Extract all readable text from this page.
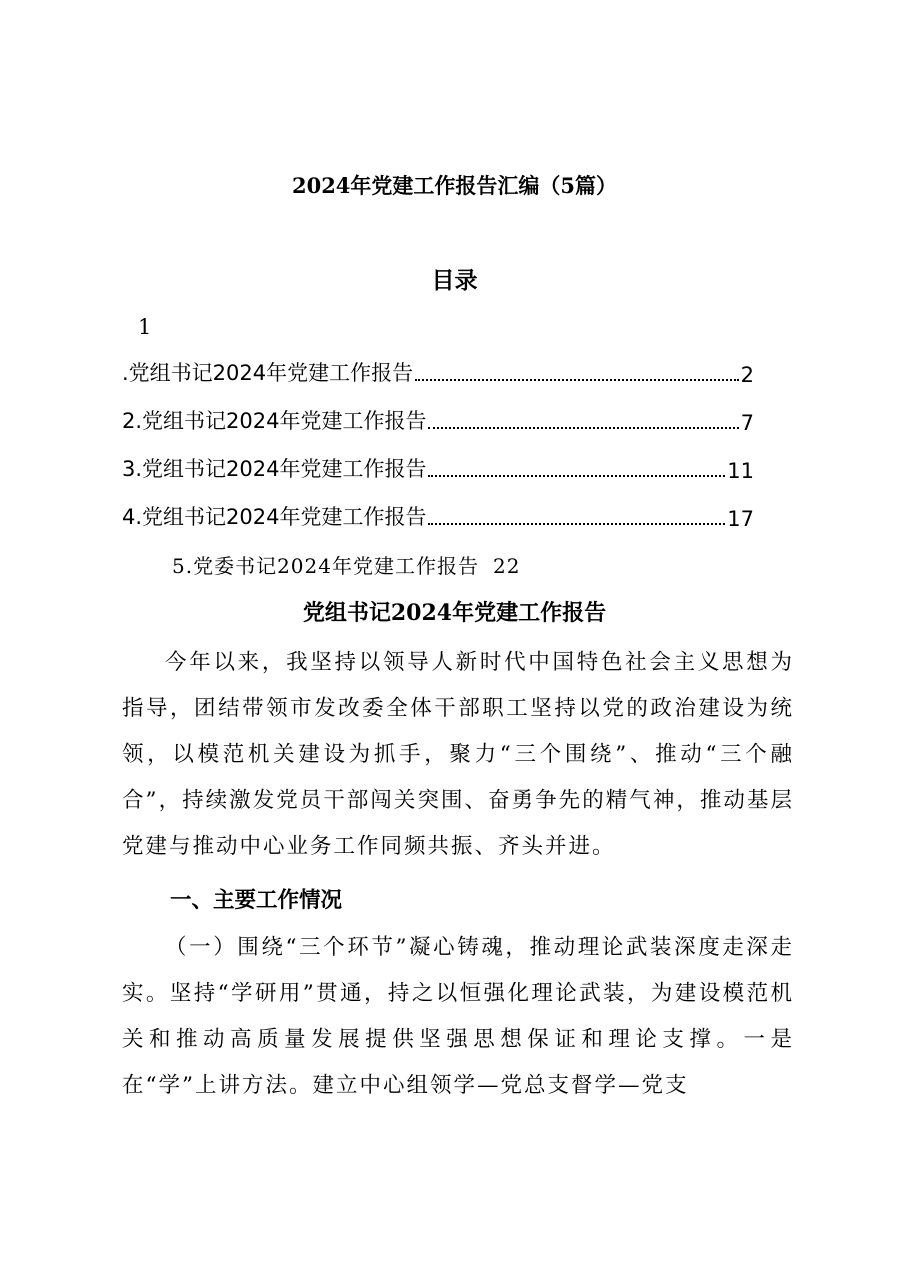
2024年党建工作报告汇编（5篇）
目录
1
.党组书记2024年党建工作报告	2
2.党组书记2024年党建工作报告	7
3.党组书记2024年党建工作报告	11
4.党组书记2024年党建工作报告	17
5.党委书记2024年党建工作报告 22
党组书记2024年党建工作报告
今年以来，我坚持以领导人新时代中国特色社会主义思想为指导，团结带领市发改委全体干部职工坚持以党的政治建设为统领，以模范机关建设为抓手，聚力“三个围绕”、推动“三个融合”，持续激发党员干部闯关突围、奋勇争先的精气神，推动基层党建与推动中心业务工作同频共振、齐头并进。
一、主要工作情况
（一）围绕“三个环节”凝心铸魂，推动理论武装深度走深走实。坚持“学研用”贯通，持之以恒强化理论武装，为建设模范机关和推动高质量发展提供坚强思想保证和理论支撑。一是在“学”上讲方法。建立中心组领学—党总支督学—党支
